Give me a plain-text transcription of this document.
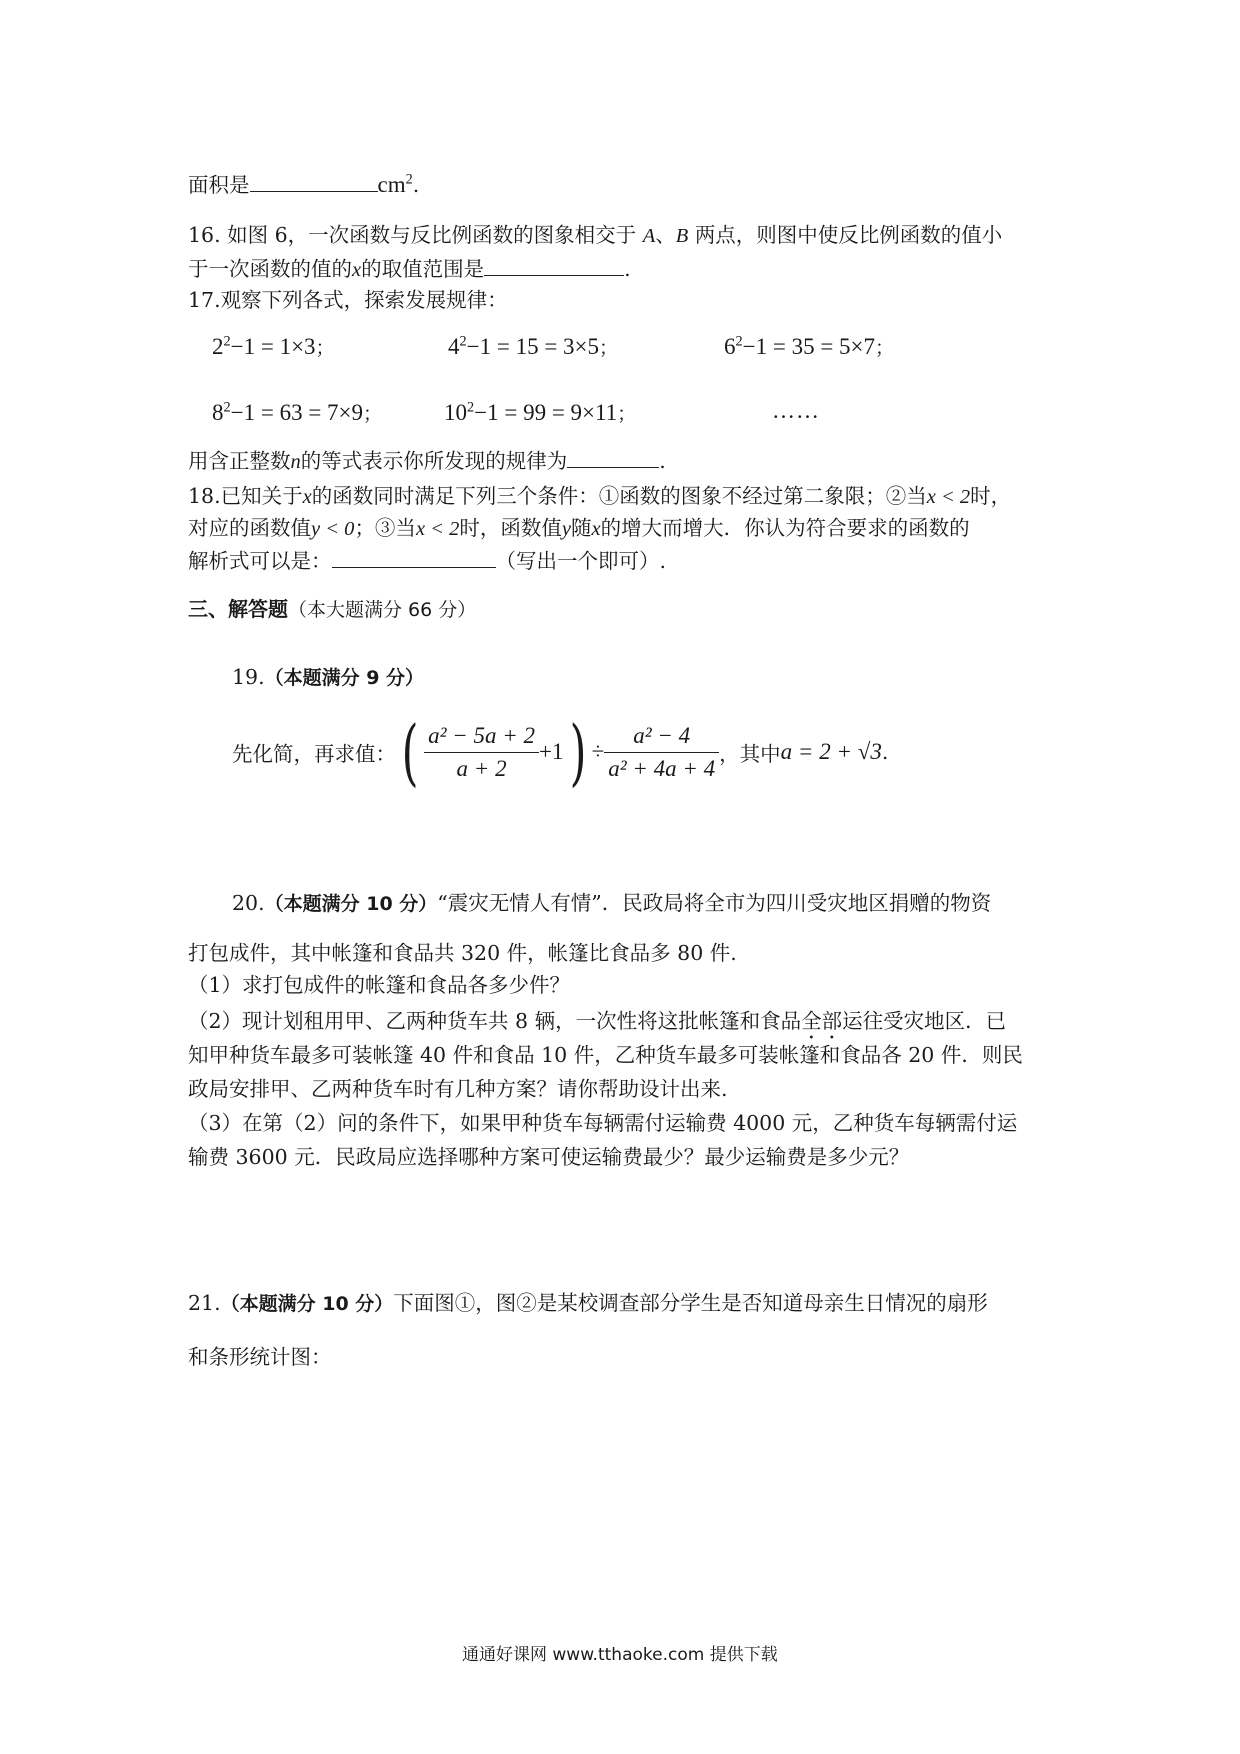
面积是	$cm^2$.
16. 如图 6，一次函数与反比例函数的图象相交于 A、B 两点，则图中使反比例函数的值小
于一次函数的值的x的取值范围是	.
17.观察下列各式，探索发展规律：
$2^2-1 = 1\times 3$；	$4^2-1 = 15 = 3\times 5$；	$6^2-1 = 35 = 5\times 7$；
$8^2-1 = 63 = 7\times 9$；	$10^2-1 = 99 = 9\times 11$；	……
用含正整数n的等式表示你所发现的规律为	.
18.已知关于x的函数同时满足下列三个条件：①函数的图象不经过第二象限；②当x < 2时，
对应的函数值y < 0；③当x < 2时，函数值y随x的增大而增大．你认为符合要求的函数的
解析式可以是：	（写出一个即可）.
三、解答题（本大题满分 66 分）
19.（本题满分 9 分）
先化简，再求值：( $\frac{\text{a² − 5a + 2}}{a + 2} +1) \div \frac{\text{a² − 4}}{\text{a² + 4a + 4}}$ ，其中a = 2 + √3.
20.（本题满分 10 分）“震灾无情人有情”．民政局将全市为四川受灾地区捐赠的物资
打包成件，其中帐篷和食品共 320 件，帐篷比食品多 80 件.
（1）求打包成件的帐篷和食品各多少件？
（2）现计划租用甲、乙两种货车共 8 辆，一次性将这批帐篷和食品全部运往受灾地区．已
知甲种货车最多可装帐篷 40 件和食品 10 件，乙种货车最多可装帐篷和食品各 20 件．则民
政局安排甲、乙两种货车时有几种方案？请你帮助设计出来.
（3）在第（2）问的条件下，如果甲种货车每辆需付运输费 4000 元，乙种货车每辆需付运
输费 3600 元．民政局应选择哪种方案可使运输费最少？最少运输费是多少元？
21.（本题满分 10 分）下面图①，图②是某校调查部分学生是否知道母亲生日情况的扇形
和条形统计图：
通通好课网 www.tthaoke.com 提供下载
